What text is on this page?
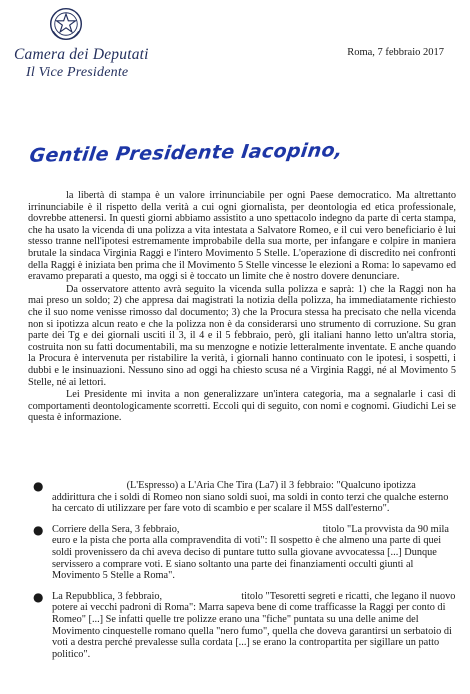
Camera dei Deputati
Il Vice Presidente
Roma, 7 febbraio 2017
Gentile Presidente Iacopino,

la libertà di stampa è un valore irrinunciabile per ogni Paese democratico. Ma altrettanto irrinunciabile è il rispetto della verità a cui ogni giornalista, per deontologia ed etica professionale, dovrebbe attenersi. In questi giorni abbiamo assistito a uno spettacolo indegno da parte di certa stampa, che ha usato la vicenda di una polizza a vita intestata a Salvatore Romeo, e il cui vero beneficiario è lui stesso tranne nell'ipotesi estremamente improbabile della sua morte, per infangare e colpire in maniera brutale la sindaca Virginia Raggi e l'intero Movimento 5 Stelle. L'operazione di discredito nei confronti della Raggi è iniziata ben prima che il Movimento 5 Stelle vincesse le elezioni a Roma: lo sapevamo ed eravamo preparati a questo, ma oggi si è toccato un limite che è nostro dovere denunciare.

Da osservatore attento avrà seguito la vicenda sulla polizza e saprà: 1) che la Raggi non ha mai preso un soldo; 2) che appresa dai magistrati la notizia della polizza, ha immediatamente richiesto che il suo nome venisse rimosso dal documento; 3) che la Procura stessa ha precisato che nella vicenda non si ipotizza alcun reato e che la polizza non è da considerarsi uno strumento di corruzione. Su gran parte dei Tg e dei giornali usciti il 3, il 4 e il 5 febbraio, però, gli italiani hanno letto un'altra storia, costruita non su fatti documentabili, ma su menzogne e notizie letteralmente inventate. E anche quando la Procura è intervenuta per ristabilire la verità, i giornali hanno continuato con le ipotesi, i sospetti, i dubbi e le insinuazioni. Nessuno sino ad oggi ha chiesto scusa né a Virginia Raggi, né al Movimento 5 Stelle, né ai lettori.

Lei Presidente mi invita a non generalizzare un'intera categoria, ma a segnalarle i casi di comportamenti deontologicamente scorretti. Eccoli qui di seguito, con nomi e cognomi. Giudichi Lei se questa è informazione.

●	(L'Espresso) a L'Aria Che Tira (La7) il 3 febbraio: "Qualcuno ipotizza addirittura che i soldi di Romeo non siano soldi suoi, ma soldi in conto terzi che qualche esterno ha cercato di utilizzare per fare voto di scambio e per scalare il M5S dall'esterno".
● Corriere della Sera, 3 febbraio,	titolo "La provvista da 90 mila euro e la pista che porta alla compravendita di voti": Il sospetto è che almeno una parte di quei soldi provenissero da chi aveva deciso di puntare tutto sulla giovane avvocatessa [...] Dunque servissero a comprare voti. E siano soltanto una parte dei finanziamenti occulti giunti al Movimento 5 Stelle a Roma".
● La Repubblica, 3 febbraio,	titolo "Tesoretti segreti e ricatti, che legano il nuovo potere ai vecchi padroni di Roma": Marra sapeva bene di come trafficasse la Raggi per conto di Romeo" [...] Se infatti quelle tre polizze erano una "fiche" puntata su una delle anime del Movimento cinquestelle romano quella "nero fumo", quella che doveva garantirsi un serbatoio di voti a destra perché prevalesse sulla cordata [...] se erano la contropartita per sigillare un patto politico".
